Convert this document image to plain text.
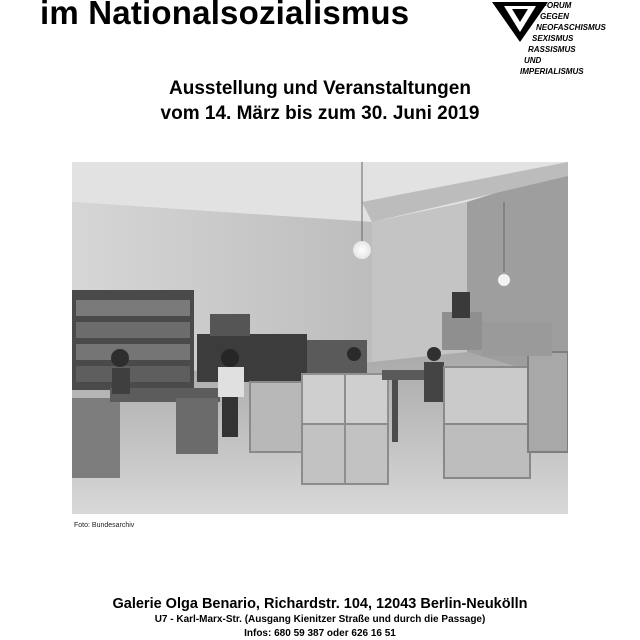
im Nationalsozialismus	FORUM
GEGEN
NEOFASCHISMUS
SEXISMUS
RASSISMUS
UND
IMPERIALISMUS

Ausstellung und Veranstaltungen

vom 14. März bis zum 30. Juni 2019

Foto: Bundesarchiv

Galerie Olga Benario, Richardstr. 104, 12043 Berlin-Neukölln

U7 - Karl-Marx-Str. (Ausgang Kienitzer Straße und durch die Passage)

Infos: 680 59 387 oder 626 16 51
